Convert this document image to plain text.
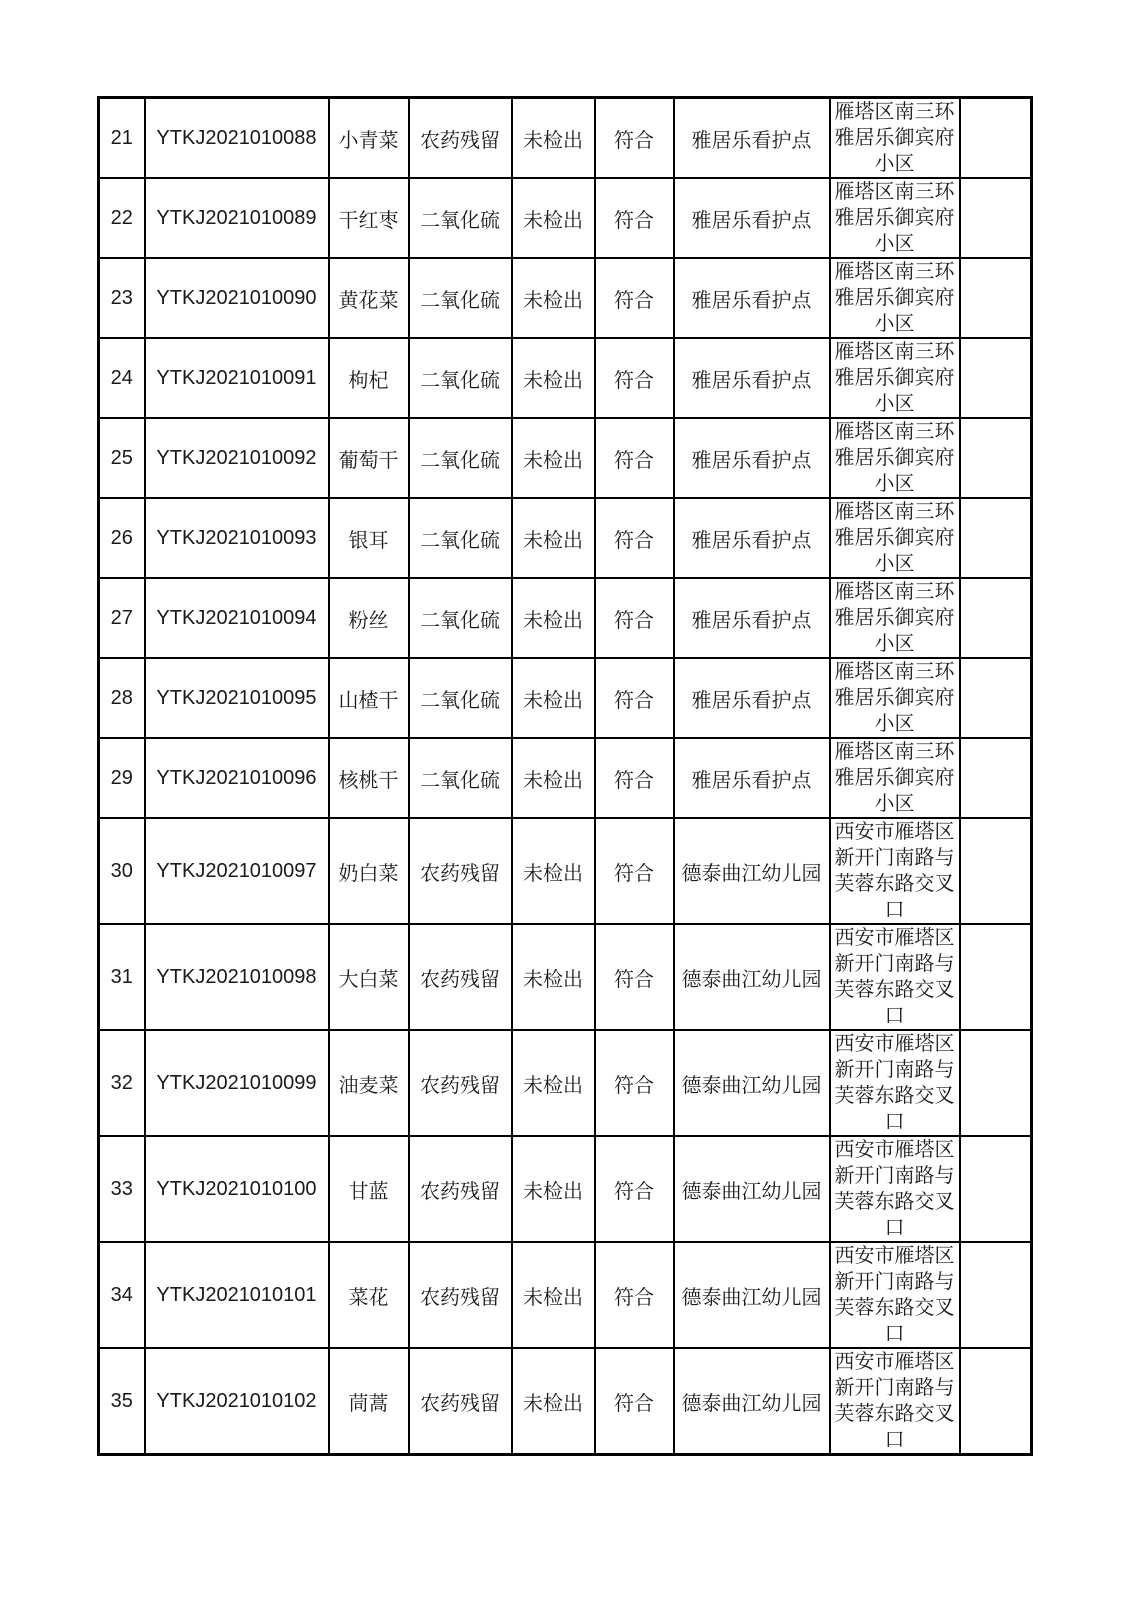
21	YTKJ2021010088	小青菜	农药残留	未检出	符合	雅居乐看护点	雁塔区南三环雅居乐御宾府小区	
22	YTKJ2021010089	干红枣	二氧化硫	未检出	符合	雅居乐看护点	雁塔区南三环雅居乐御宾府小区	
23	YTKJ2021010090	黄花菜	二氧化硫	未检出	符合	雅居乐看护点	雁塔区南三环雅居乐御宾府小区	
24	YTKJ2021010091	枸杞	二氧化硫	未检出	符合	雅居乐看护点	雁塔区南三环雅居乐御宾府小区	
25	YTKJ2021010092	葡萄干	二氧化硫	未检出	符合	雅居乐看护点	雁塔区南三环雅居乐御宾府小区	
26	YTKJ2021010093	银耳	二氧化硫	未检出	符合	雅居乐看护点	雁塔区南三环雅居乐御宾府小区	
27	YTKJ2021010094	粉丝	二氧化硫	未检出	符合	雅居乐看护点	雁塔区南三环雅居乐御宾府小区	
28	YTKJ2021010095	山楂干	二氧化硫	未检出	符合	雅居乐看护点	雁塔区南三环雅居乐御宾府小区	
29	YTKJ2021010096	核桃干	二氧化硫	未检出	符合	雅居乐看护点	雁塔区南三环雅居乐御宾府小区	
30	YTKJ2021010097	奶白菜	农药残留	未检出	符合	德泰曲江幼儿园	西安市雁塔区新开门南路与芙蓉东路交叉口	
31	YTKJ2021010098	大白菜	农药残留	未检出	符合	德泰曲江幼儿园	西安市雁塔区新开门南路与芙蓉东路交叉口	
32	YTKJ2021010099	油麦菜	农药残留	未检出	符合	德泰曲江幼儿园	西安市雁塔区新开门南路与芙蓉东路交叉口	
33	YTKJ2021010100	甘蓝	农药残留	未检出	符合	德泰曲江幼儿园	西安市雁塔区新开门南路与芙蓉东路交叉口	
34	YTKJ2021010101	菜花	农药残留	未检出	符合	德泰曲江幼儿园	西安市雁塔区新开门南路与芙蓉东路交叉口	
35	YTKJ2021010102	茼蒿	农药残留	未检出	符合	德泰曲江幼儿园	西安市雁塔区新开门南路与芙蓉东路交叉口	
